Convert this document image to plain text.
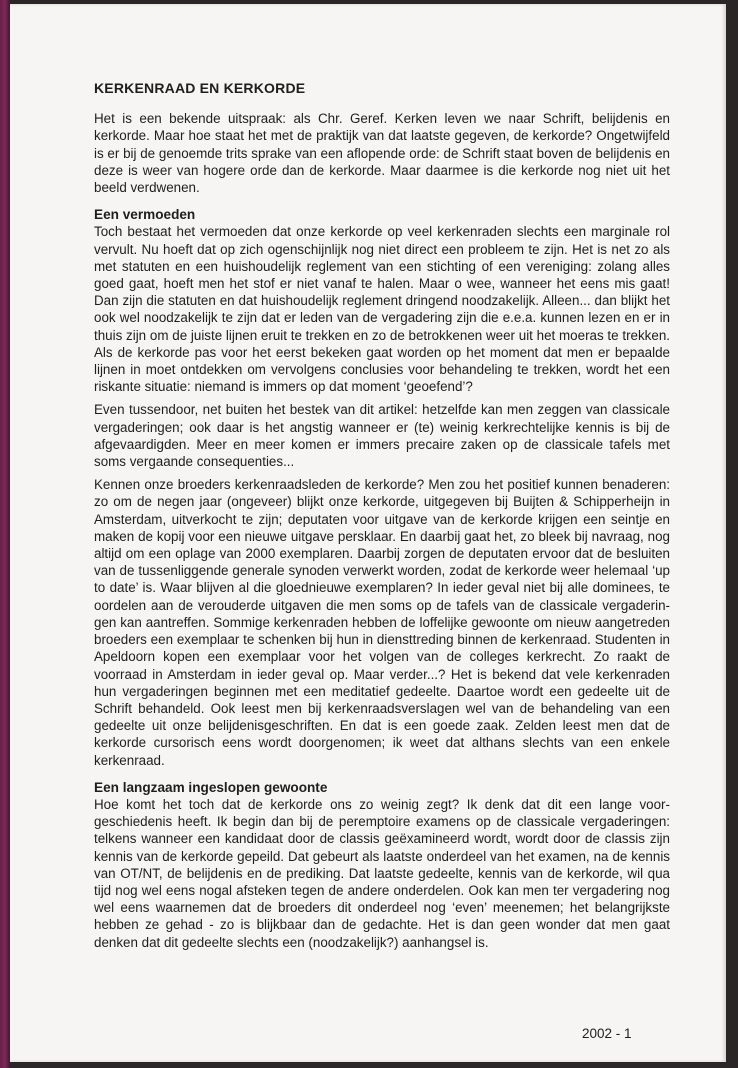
KERKENRAAD EN KERKORDE

Het is een bekende uitspraak: als Chr. Geref. Kerken leven we naar Schrift, belijdenis en kerkorde. Maar hoe staat het met de praktijk van dat laatste gegeven, de kerkorde? Ongetwijfeld is er bij de genoemde trits sprake van een aflopende orde: de Schrift staat boven de belijdenis en deze is weer van hogere orde dan de kerkorde. Maar daarmee is die kerkorde nog niet uit het beeld verdwenen.

Een vermoeden

Toch bestaat het vermoeden dat onze kerkorde op veel kerkenraden slechts een marginale rol vervult. Nu hoeft dat op zich ogenschijnlijk nog niet direct een probleem te zijn. Het is net zo als met statuten en een huishoudelijk reglement van een stichting of een vereniging: zolang alles goed gaat, hoeft men het stof er niet vanaf te halen. Maar o wee, wanneer het eens mis gaat! Dan zijn die statuten en dat huishoudelijk reglement dringend noodzakelijk. Alleen... dan blijkt het ook wel noodzakelijk te zijn dat er leden van de vergadering zijn die e.e.a. kunnen lezen en er in thuis zijn om de juiste lijnen eruit te trekken en zo de betrokkenen weer uit het moeras te trekken. Als de kerkorde pas voor het eerst bekeken gaat worden op het moment dat men er bepaalde lijnen in moet ontdekken om vervolgens conclusies voor behandeling te trekken, wordt het een riskante situatie: niemand is immers op dat moment ‘geoefend’?

Even tussendoor, net buiten het bestek van dit artikel: hetzelfde kan men zeggen van classicale vergaderingen; ook daar is het angstig wanneer er (te) weinig kerkrechtelijke kennis is bij de afgevaardigden. Meer en meer komen er immers precaire zaken op de classicale tafels met soms vergaande consequenties...

Kennen onze broeders kerkenraadsleden de kerkorde? Men zou het positief kunnen benaderen: zo om de negen jaar (ongeveer) blijkt onze kerkorde, uitgegeven bij Buijten & Schipperheijn in Amsterdam, uitverkocht te zijn; deputaten voor uitgave van de kerkorde krijgen een seintje en maken de kopij voor een nieuwe uitgave persklaar. En daarbij gaat het, zo bleek bij navraag, nog altijd om een oplage van 2000 exemplaren. Daarbij zorgen de deputaten ervoor dat de besluiten van de tussenliggende generale synoden verwerkt worden, zodat de kerkorde weer helemaal ‘up to date’ is. Waar blijven al die gloednieuwe exemplaren? In ieder geval niet bij alle dominees, te oordelen aan de verouderde uitgaven die men soms op de tafels van de classicale vergaderingen kan aantreffen. Sommige kerkenraden hebben de loffelijke gewoonte om nieuw aangetreden broeders een exemplaar te schenken bij hun in diensttreding binnen de kerkenraad. Studenten in Apeldoorn kopen een exemplaar voor het volgen van de colleges kerkrecht. Zo raakt de voorraad in Amsterdam in ieder geval op. Maar verder...? Het is bekend dat vele kerkenraden hun vergaderingen beginnen met een meditatief gedeelte. Daartoe wordt een gedeelte uit de Schrift behandeld. Ook leest men bij kerkenraadsverslagen wel van de behandeling van een gedeelte uit onze belijdenisgeschriften. En dat is een goede zaak. Zelden leest men dat de kerkorde cursorisch eens wordt doorgenomen; ik weet dat althans slechts van een enkele kerkenraad.

Een langzaam ingeslopen gewoonte

Hoe komt het toch dat de kerkorde ons zo weinig zegt? Ik denk dat dit een lange voorgeschiedenis heeft. Ik begin dan bij de peremptoire examens op de classicale vergaderingen: telkens wanneer een kandidaat door de classis geëxamineerd wordt, wordt door de classis zijn kennis van de kerkorde gepeild. Dat gebeurt als laatste onderdeel van het examen, na de kennis van OT/NT, de belijdenis en de prediking. Dat laatste gedeelte, kennis van de kerkorde, wil qua tijd nog wel eens nogal afsteken tegen de andere onderdelen. Ook kan men ter vergadering nog wel eens waarnemen dat de broeders dit onderdeel nog ‘even’ meenemen; het belangrijkste hebben ze gehad - zo is blijkbaar dan de gedachte. Het is dan geen wonder dat men gaat denken dat dit gedeelte slechts een (noodzakelijk?) aanhangsel is.

2002 - 1
